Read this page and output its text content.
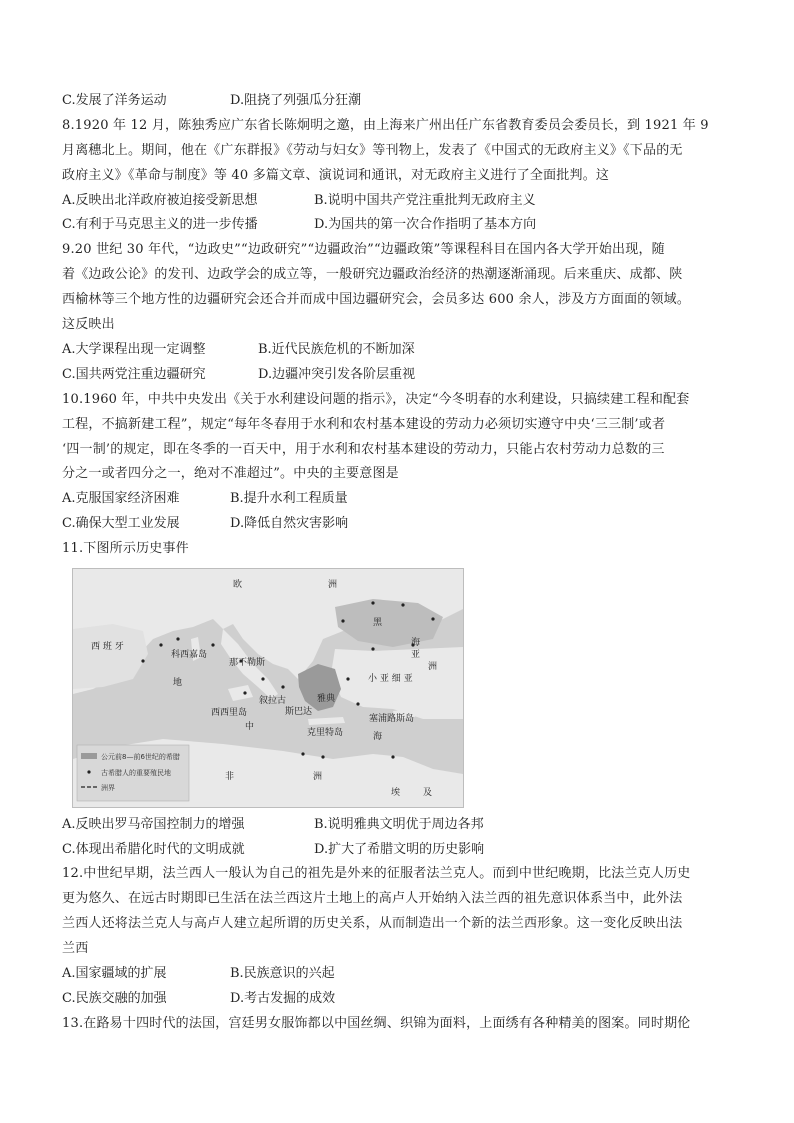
C.发展了洋务运动	D.阻挠了列强瓜分狂潮
8.1920 年 12 月，陈独秀应广东省长陈炯明之邀，由上海来广州出任广东省教育委员会委员长，到 1921 年 9
月离穗北上。期间，他在《广东群报》《劳动与妇女》等刊物上，发表了《中国式的无政府主义》《下品的无
政府主义》《革命与制度》等 40 多篇文章、演说词和通讯，对无政府主义进行了全面批判。这
A.反映出北洋政府被迫接受新思想	B.说明中国共产党注重批判无政府主义
C.有利于马克思主义的进一步传播	D.为国共的第一次合作指明了基本方向
9.20 世纪 30 年代，“边政史”“边政研究”“边疆政治”“边疆政策”等课程科目在国内各大学开始出现，随
着《边政公论》的发刊、边政学会的成立等，一般研究边疆政治经济的热潮逐渐涌现。后来重庆、成都、陕
西榆林等三个地方性的边疆研究会还合并而成中国边疆研究会，会员多达 600 余人，涉及方方面面的领域。
这反映出
A.大学课程出现一定调整	B.近代民族危机的不断加深
C.国共两党注重边疆研究	D.边疆冲突引发各阶层重视
10.1960 年，中共中央发出《关于水利建设问题的指示》，决定“今冬明春的水利建设，只搞续建工程和配套
工程，不搞新建工程”，规定“每年冬春用于水利和农村基本建设的劳动力必须切实遵守中央‘三三制’或者
‘四一制’的规定，即在冬季的一百天中，用于水利和农村基本建设的劳动力，只能占农村劳动力总数的三
分之一或者四分之一，绝对不准超过”。中央的主要意图是
A.克服国家经济困难	B.提升水利工程质量
C.确保大型工业发展	D.降低自然灾害影响
11.下图所示历史事件
欧	洲
西 班 牙
科西嘉岛
那不勒斯
黑
海
亚
洲
小 亚 细 亚
地
中
海
西西里岛
叙拉古
斯巴达
雅典
克里特岛
塞浦路斯岛
非	洲
埃	及
公元前8—前6世纪的希腊
古希腊人的重要殖民地
洲界
A.反映出罗马帝国控制力的增强	B.说明雅典文明优于周边各邦
C.体现出希腊化时代的文明成就	D.扩大了希腊文明的历史影响
12.中世纪早期，法兰西人一般认为自己的祖先是外来的征服者法兰克人。而到中世纪晚期，比法兰克人历史
更为悠久、在远古时期即已生活在法兰西这片土地上的高卢人开始纳入法兰西的祖先意识体系当中，此外法
兰西人还将法兰克人与高卢人建立起所谓的历史关系，从而制造出一个新的法兰西形象。这一变化反映出法
兰西
A.国家疆域的扩展	B.民族意识的兴起
C.民族交融的加强	D.考古发掘的成效
13.在路易十四时代的法国，宫廷男女服饰都以中国丝绸、织锦为面料，上面绣有各种精美的图案。同时期伦
